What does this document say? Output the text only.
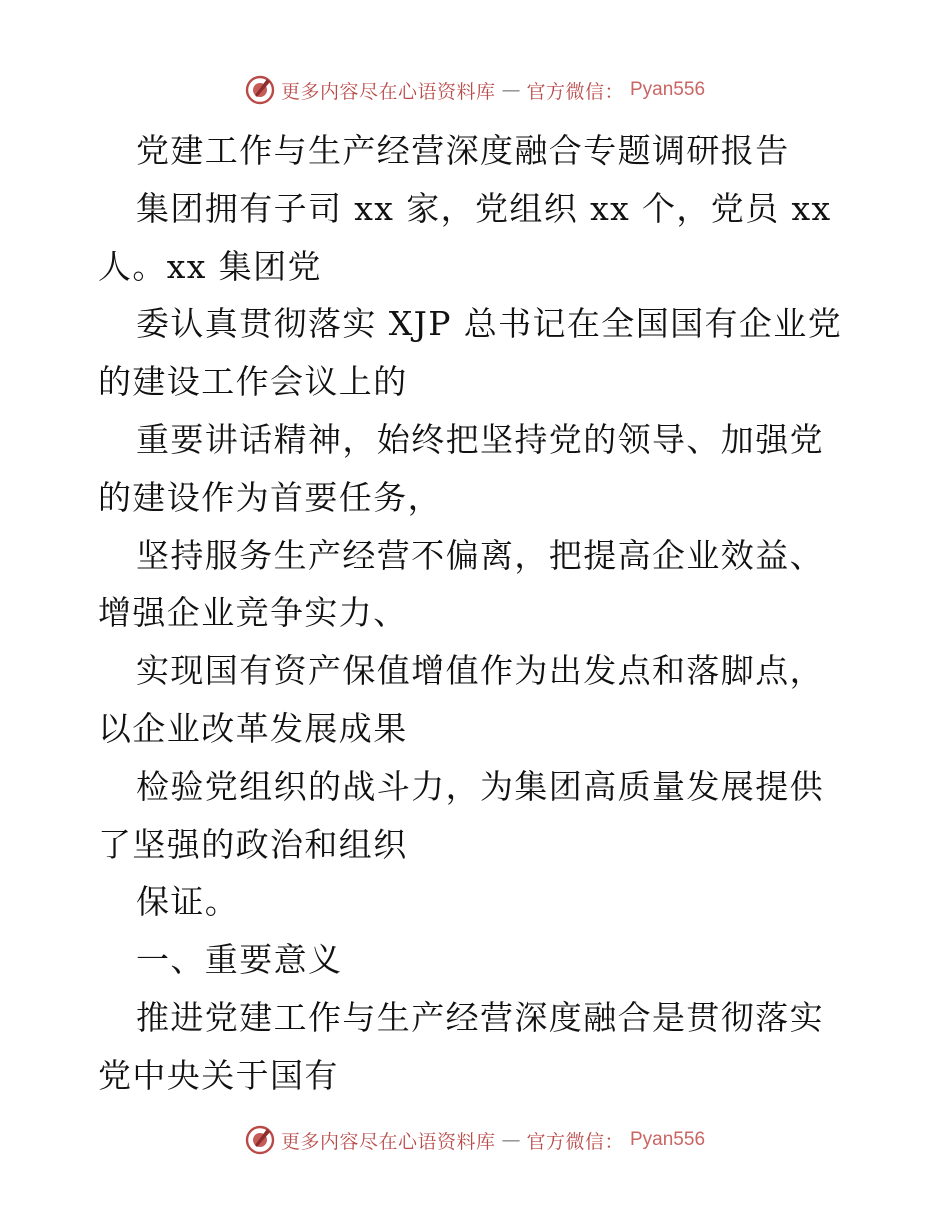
更多内容尽在心语资料库 — 官方微信： Pyan556

党建工作与生产经营深度融合专题调研报告

集团拥有子司 xx 家，党组织 xx 个，党员 xx 人。xx 集团党

委认真贯彻落实 XJP 总书记在全国国有企业党的建设工作会议上的

重要讲话精神，始终把坚持党的领导、加强党的建设作为首要任务，

坚持服务生产经营不偏离，把提高企业效益、增强企业竞争实力、

实现国有资产保值增值作为出发点和落脚点，以企业改革发展成果

检验党组织的战斗力，为集团高质量发展提供了坚强的政治和组织

保证。

一、重要意义

推进党建工作与生产经营深度融合是贯彻落实党中央关于国有

更多内容尽在心语资料库 — 官方微信： Pyan556
